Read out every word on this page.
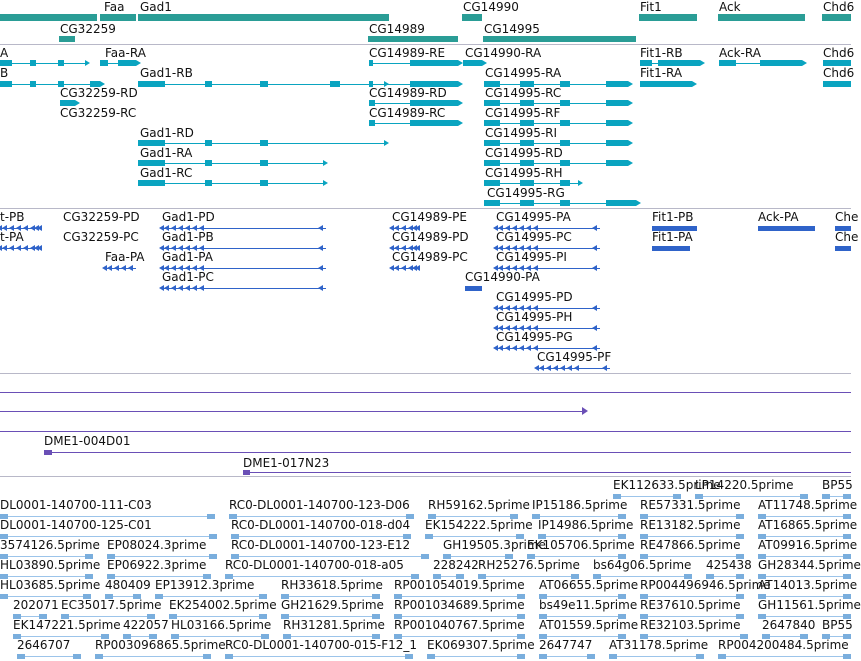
Faa Gad1	CG14990	Fit1	Ack	Chd6
CG32259	CG14989	CG14995
A	Faa-RA	CG14989-RE CG14990-RA	Fit1-RB	Ack-RA	Chd6
B	Gad1-RB	CG14995-RA	Fit1-RA	Chd6
CG32259-RD	CG14989-RD	CG14995-RC
CG32259-RC	CG14989-RC	CG14995-RF
Gad1-RD	CG14995-RI
Gad1-RA	CG14995-RD
Gad1-RC	CG14995-RH
CG14995-RG
t-PB	CG32259-PD Gad1-PD	CG14989-PE CG14995-PA	Fit1-PB	Ack-PA	Che
t-PA	CG32259-PC Gad1-PB	CG14989-PD CG14995-PC	Fit1-PA	Che
Faa-PA Gad1-PA	CG14989-PC CG14995-PI
Gad1-PC	CG14990-PA
CG14995-PD
CG14995-PH
CG14995-PG
CG14995-PF
DME1-004D01
DME1-017N23
EK112633.5prime
LP14220.5prime BP55
DL0001-140700-111-C03	RC0-DL0001-140700-123-D06 RH59162.5prime IP15186.5prime RE57331.5prime AT11748.5prime
DL0001-140700-125-C01	RC0-DL0001-140700-018-d04 EK154222.5prime IP14986.5prime RE13182.5prime AT16865.5prime
3574126.5prime EP08024.3prime RC0-DL0001-140700-123-E12	GH19505.3prime
EK105706.5prime RE47866.5prime AT09916.5prime
HL03890.5prime EP06922.3prime RC0-DL0001-140700-018-a05 228242 RH25276.5prime bs64g06.5prime 425438 GH28344.5prime
HL03685.5prime 480409 EP13912.3prime RH33618.5prime RP001054019.5prime AT06655.5prime RP004496946.5prime
AT14013.5prime
202071 EC35017.5prime EK254002.5prime GH21629.5prime RP001034689.5prime bs49e11.5prime RE37610.5prime GH11561.5prime
EK147221.5prime 422057 HL03166.5prime RH31281.5prime RP001040767.5prime AT01559.5prime RE32103.5prime 2647840 BP55
2646707 RP003096865.5prime RC0-DL0001-140700-015-F12_1 EK069307.5prime 2647747 AT31178.5prime RP004200484.5prime
